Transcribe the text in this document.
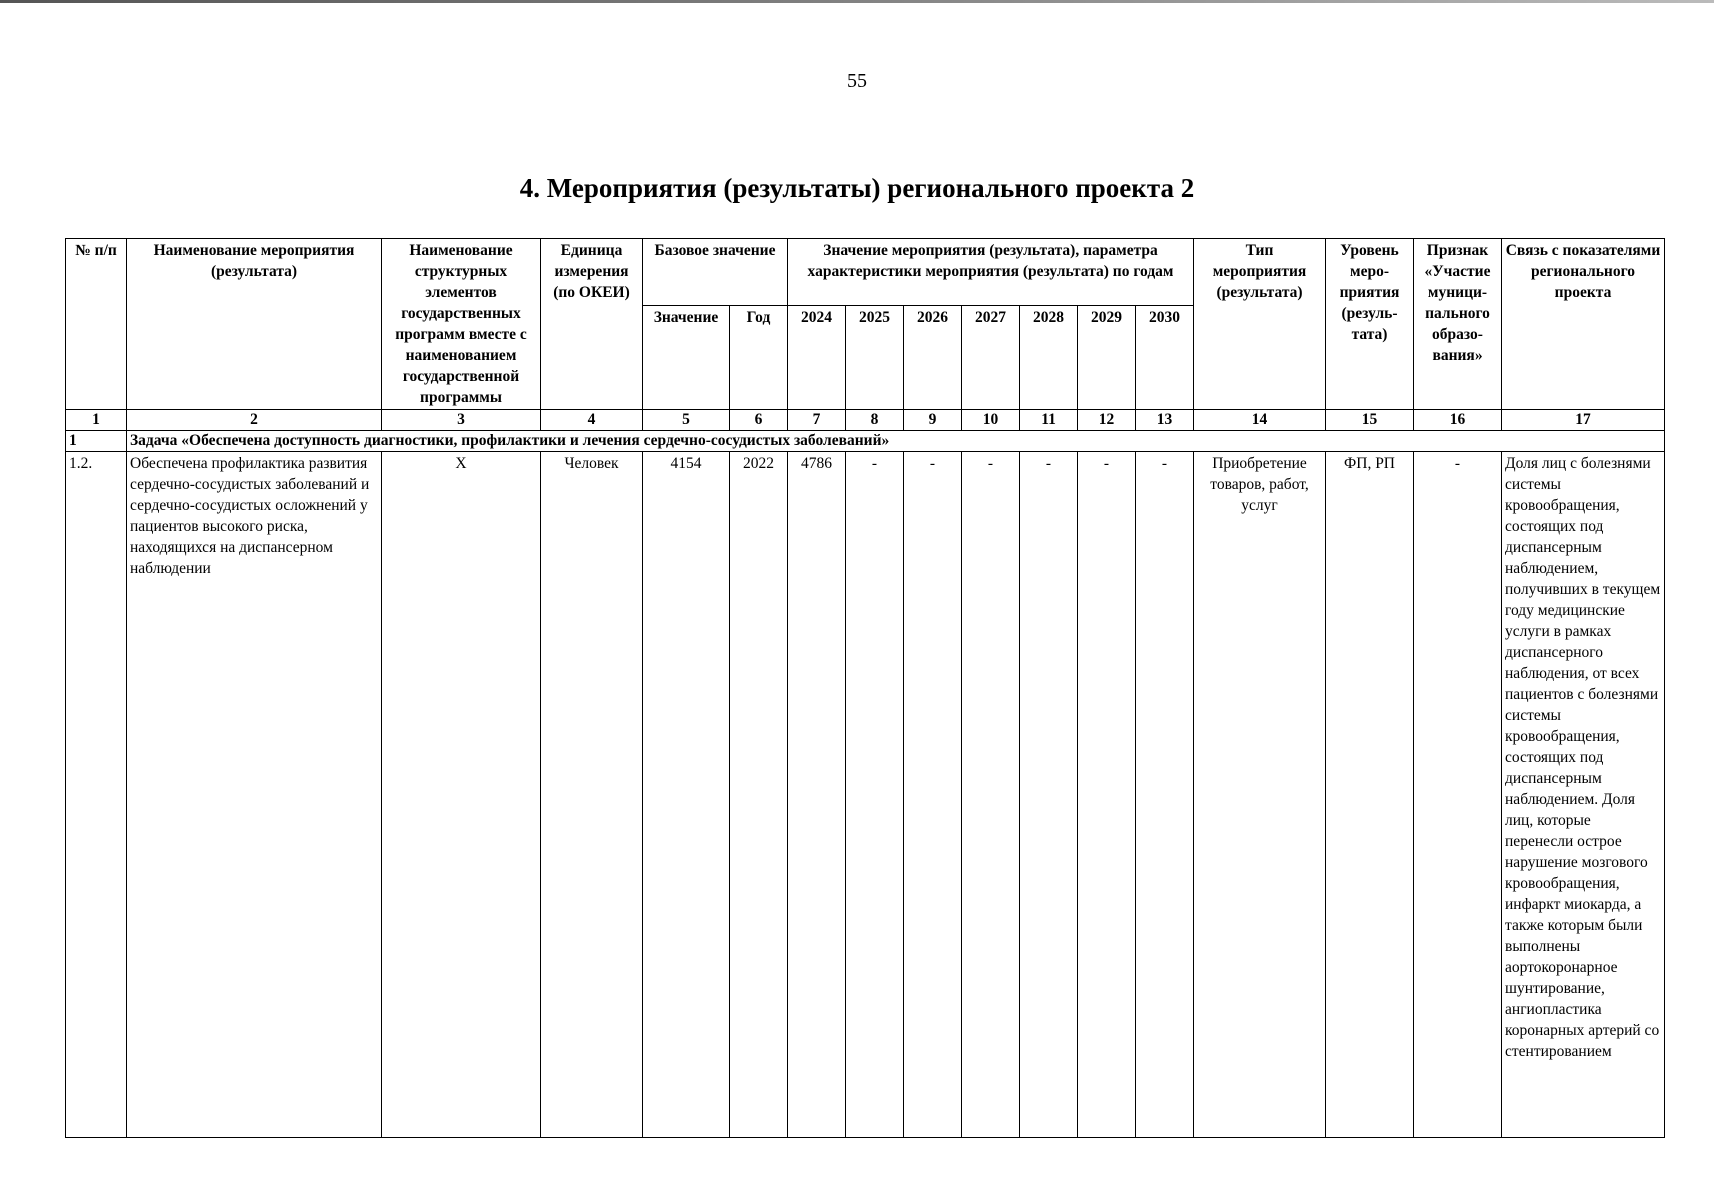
55
4. Мероприятия (результаты) регионального проекта 2
№ п/п	Наименование мероприятия (результата)	Наименование структурных элементов государственных программ вместе с наименованием государственной программы	Единица измерения (по ОКЕИ)	Базовое значение		Значение мероприятия (результата), параметра характеристики мероприятия (результата) по годам							Тип мероприятия (результата)	Уровень меро-приятия (резуль-тата)	Признак «Участие муници-пального образо-вания»	Связь с показателями регионального проекта
				Значение	Год	2024	2025	2026	2027	2028	2029	2030				
1	2	3	4	5	6	7	8	9	10	11	12	13	14	15	16	17
1	Задача «Обеспечена доступность диагностики, профилактики и лечения сердечно-сосудистых заболеваний»															
1.2.	Обеспечена профилактика развития сердечно-сосудистых заболеваний и сердечно-сосудистых осложнений у пациентов высокого риска, находящихся на диспансерном наблюдении	Х	Человек	4154	2022	4786	-	-	-	-	-	-	Приобретение товаров, работ, услуг	ФП, РП	-	Доля лиц с болезнями системы кровообращения, состоящих под диспансерным наблюдением, получивших в текущем году медицинские услуги в рамках диспансерного наблюдения, от всех пациентов с болезнями системы кровообращения, состоящих под диспансерным наблюдением. Доля лиц, которые перенесли острое нарушение мозгового кровообращения, инфаркт миокарда, а также которым были выполнены аортокоронарное шунтирование, ангиопластика коронарных артерий со стентированием
